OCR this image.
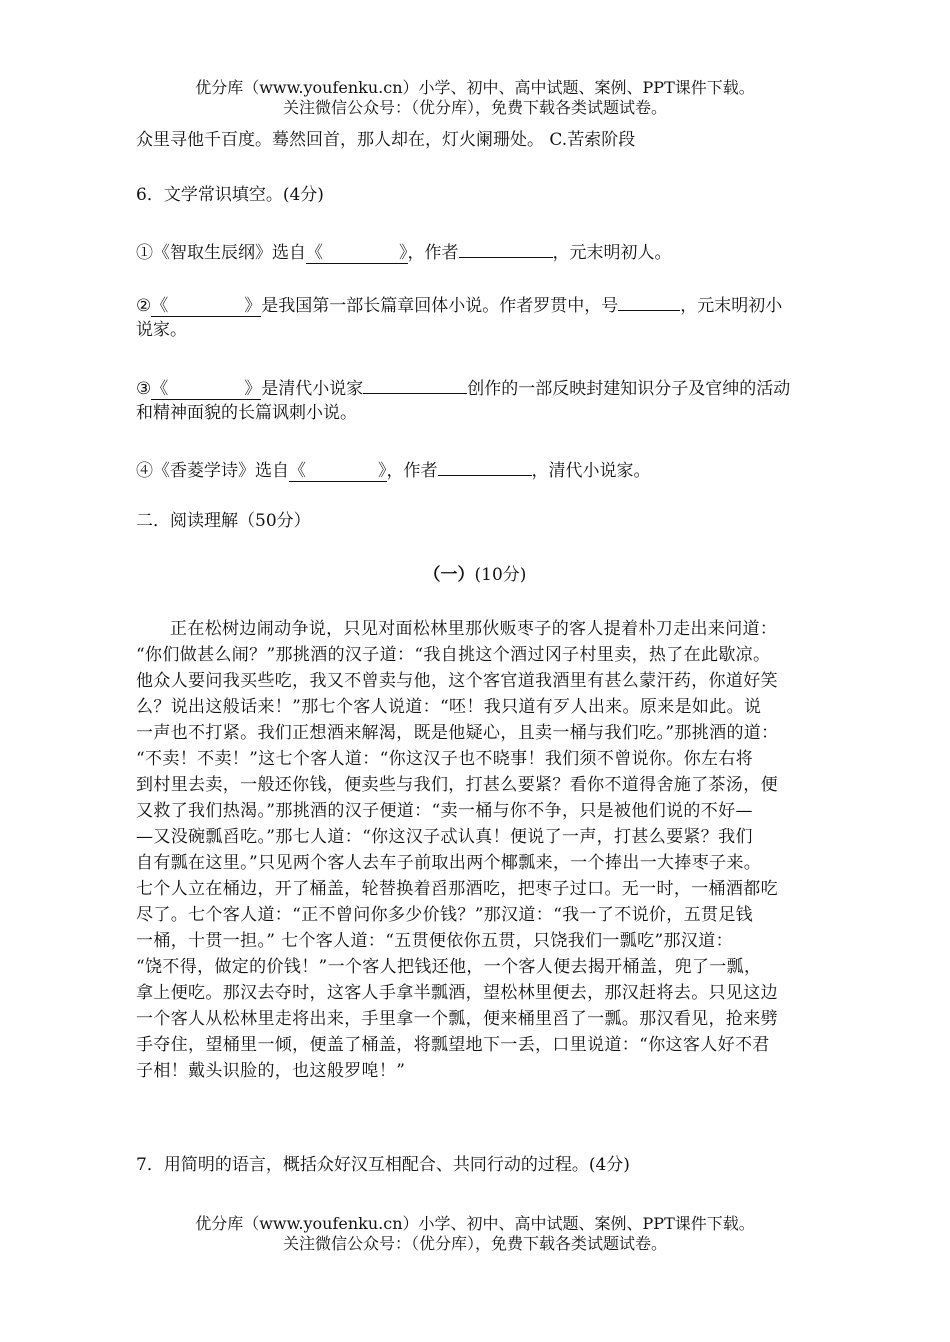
优分库（www.youfenku.cn）小学、初中、高中试题、案例、PPT课件下载。
关注微信公众号：（优分库），免费下载各类试题试卷。
众里寻他千百度。蓦然回首，那人却在，灯火阑珊处。 C.苦索阶段
6．文学常识填空。(4分)
①《智取生辰纲》选自《	》，作者	，元末明初人。
②《	》是我国第一部长篇章回体小说。作者罗贯中，号	，元末明初小
说家。
③《	》是清代小说家	创作的一部反映封建知识分子及官绅的活动
和精神面貌的长篇讽刺小说。
④《香菱学诗》选自《	》，作者	，清代小说家。
二．阅读理解（50分）
（一）(10分)
正在松树边闹动争说，只见对面松林里那伙贩枣子的客人提着朴刀走出来问道：
“你们做甚么闹？”那挑酒的汉子道：“我自挑这个酒过冈子村里卖，热了在此歇凉。
他众人要问我买些吃，我又不曾卖与他，这个客官道我酒里有甚么蒙汗药，你道好笑
么？说出这般话来！”那七个客人说道：“呸！我只道有歹人出来。原来是如此。说
一声也不打紧。我们正想酒来解渴，既是他疑心，且卖一桶与我们吃。”那挑酒的道：
“不卖！不卖！”这七个客人道：“你这汉子也不晓事！我们须不曾说你。你左右将
到村里去卖，一般还你钱，便卖些与我们，打甚么要紧？看你不道得舍施了茶汤，便
又救了我们热渴。”那挑酒的汉子便道：“卖一桶与你不争，只是被他们说的不好—
—又没碗瓢舀吃。”那七人道：“你这汉子忒认真！便说了一声，打甚么要紧？我们
自有瓢在这里。”只见两个客人去车子前取出两个椰瓢来，一个捧出一大捧枣子来。
七个人立在桶边，开了桶盖，轮替换着舀那酒吃，把枣子过口。无一时，一桶酒都吃
尽了。七个客人道：“正不曾问你多少价钱？”那汉道：“我一了不说价，五贯足钱
一桶，十贯一担。” 七个客人道：“五贯便依你五贯，只饶我们一瓢吃”那汉道：
“饶不得，做定的价钱！”一个客人把钱还他，一个客人便去揭开桶盖，兜了一瓢，
拿上便吃。那汉去夺时，这客人手拿半瓢酒，望松林里便去，那汉赶将去。只见这边
一个客人从松林里走将出来，手里拿一个瓢，便来桶里舀了一瓢。那汉看见，抢来劈
手夺住，望桶里一倾，便盖了桶盖，将瓢望地下一丢，口里说道：“你这客人好不君
子相！戴头识脸的，也这般罗唣！”
7．用简明的语言，概括众好汉互相配合、共同行动的过程。(4分)
优分库（www.youfenku.cn）小学、初中、高中试题、案例、PPT课件下载。
关注微信公众号：（优分库），免费下载各类试题试卷。
